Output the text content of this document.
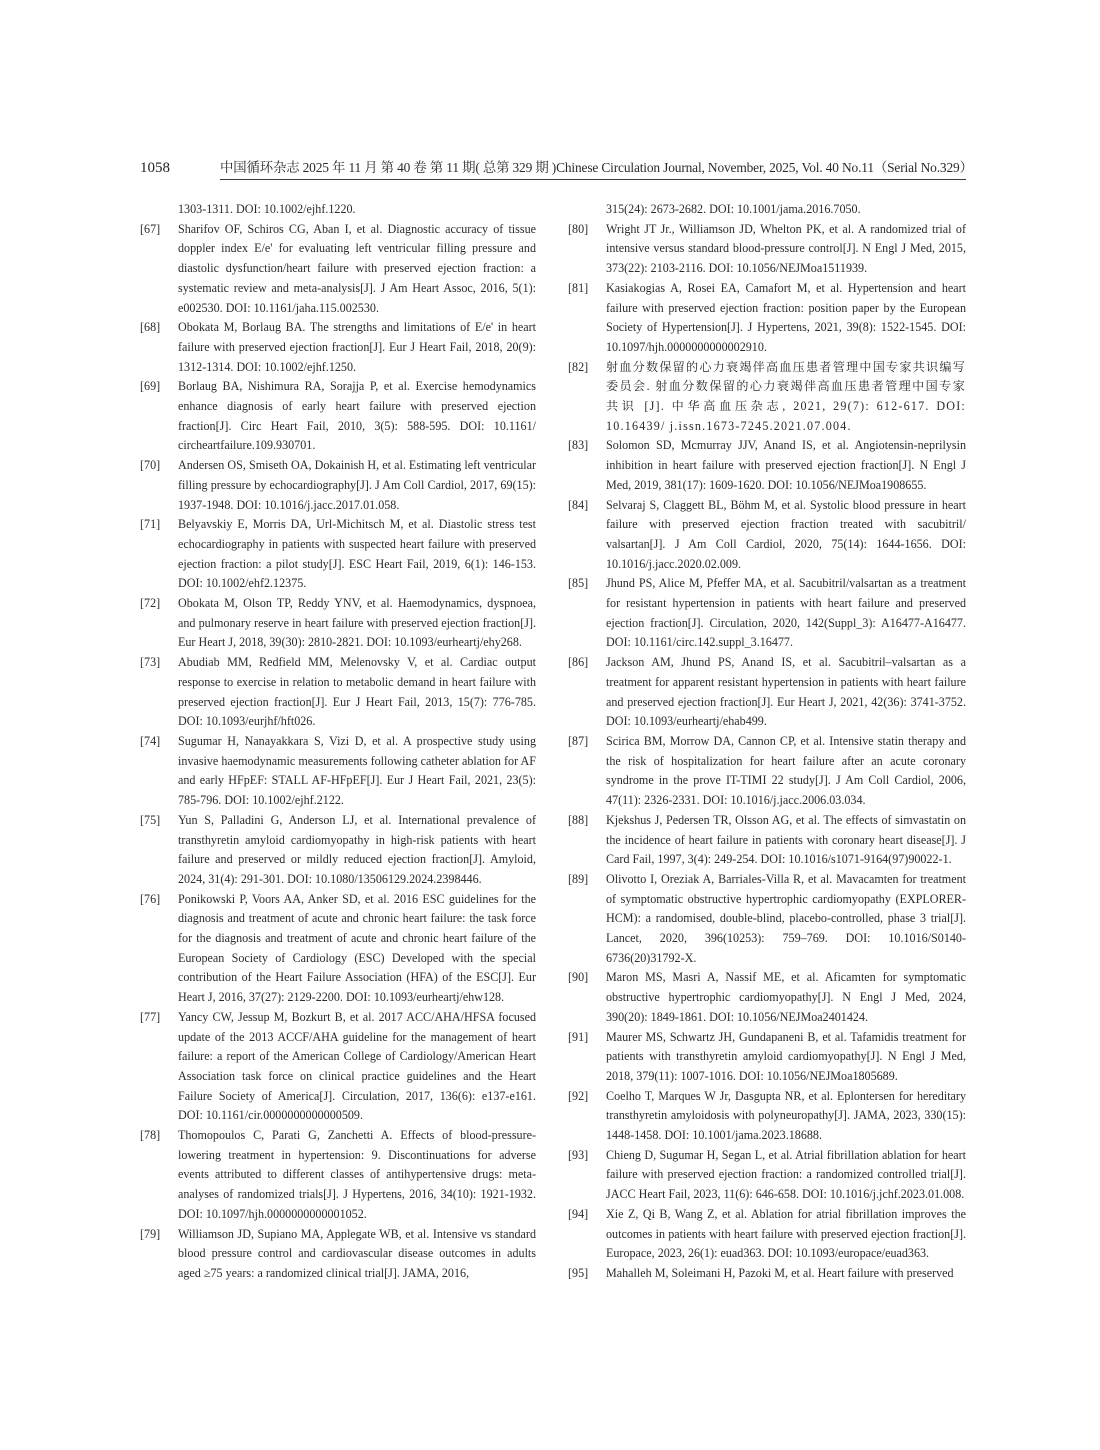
1058	中国循环杂志 2025 年 11 月 第 40 卷 第 11 期( 总第 329 期 )Chinese Circulation Journal, November, 2025, Vol. 40 No.11（Serial No.329）
1303-1311. DOI: 10.1002/ejhf.1220.
[67] Sharifov OF, Schiros CG, Aban I, et al. Diagnostic accuracy of tissue doppler index E/e' for evaluating left ventricular filling pressure and diastolic dysfunction/heart failure with preserved ejection fraction: a systematic review and meta-analysis[J]. J Am Heart Assoc, 2016, 5(1): e002530. DOI: 10.1161/jaha.115.002530.
[68] Obokata M, Borlaug BA. The strengths and limitations of E/e' in heart failure with preserved ejection fraction[J]. Eur J Heart Fail, 2018, 20(9): 1312-1314. DOI: 10.1002/ejhf.1250.
[69] Borlaug BA, Nishimura RA, Sorajja P, et al. Exercise hemodynamics enhance diagnosis of early heart failure with preserved ejection fraction[J]. Circ Heart Fail, 2010, 3(5): 588-595. DOI: 10.1161/ circheartfailure.109.930701.
[70] Andersen OS, Smiseth OA, Dokainish H, et al. Estimating left ventricular filling pressure by echocardiography[J]. J Am Coll Cardiol, 2017, 69(15): 1937-1948. DOI: 10.1016/j.jacc.2017.01.058.
[71] Belyavskiy E, Morris DA, Url-Michitsch M, et al. Diastolic stress test echocardiography in patients with suspected heart failure with preserved ejection fraction: a pilot study[J]. ESC Heart Fail, 2019, 6(1): 146-153. DOI: 10.1002/ehf2.12375.
[72] Obokata M, Olson TP, Reddy YNV, et al. Haemodynamics, dyspnoea, and pulmonary reserve in heart failure with preserved ejection fraction[J]. Eur Heart J, 2018, 39(30): 2810-2821. DOI: 10.1093/eurheartj/ehy268.
[73] Abudiab MM, Redfield MM, Melenovsky V, et al. Cardiac output response to exercise in relation to metabolic demand in heart failure with preserved ejection fraction[J]. Eur J Heart Fail, 2013, 15(7): 776-785. DOI: 10.1093/eurjhf/hft026.
[74] Sugumar H, Nanayakkara S, Vizi D, et al. A prospective study using invasive haemodynamic measurements following catheter ablation for AF and early HFpEF: STALL AF-HFpEF[J]. Eur J Heart Fail, 2021, 23(5): 785-796. DOI: 10.1002/ejhf.2122.
[75] Yun S, Palladini G, Anderson LJ, et al. International prevalence of transthyretin amyloid cardiomyopathy in high-risk patients with heart failure and preserved or mildly reduced ejection fraction[J]. Amyloid, 2024, 31(4): 291-301. DOI: 10.1080/13506129.2024.2398446.
[76] Ponikowski P, Voors AA, Anker SD, et al. 2016 ESC guidelines for the diagnosis and treatment of acute and chronic heart failure: the task force for the diagnosis and treatment of acute and chronic heart failure of the European Society of Cardiology (ESC) Developed with the special contribution of the Heart Failure Association (HFA) of the ESC[J]. Eur Heart J, 2016, 37(27): 2129-2200. DOI: 10.1093/eurheartj/ehw128.
[77] Yancy CW, Jessup M, Bozkurt B, et al. 2017 ACC/AHA/HFSA focused update of the 2013 ACCF/AHA guideline for the management of heart failure: a report of the American College of Cardiology/American Heart Association task force on clinical practice guidelines and the Heart Failure Society of America[J]. Circulation, 2017, 136(6): e137-e161. DOI: 10.1161/cir.0000000000000509.
[78] Thomopoulos C, Parati G, Zanchetti A. Effects of blood-pressure-lowering treatment in hypertension: 9. Discontinuations for adverse events attributed to different classes of antihypertensive drugs: meta-analyses of randomized trials[J]. J Hypertens, 2016, 34(10): 1921-1932. DOI: 10.1097/hjh.0000000000001052.
[79] Williamson JD, Supiano MA, Applegate WB, et al. Intensive vs standard blood pressure control and cardiovascular disease outcomes in adults aged ≥75 years: a randomized clinical trial[J]. JAMA, 2016,
315(24): 2673-2682. DOI: 10.1001/jama.2016.7050.
[80] Wright JT Jr., Williamson JD, Whelton PK, et al. A randomized trial of intensive versus standard blood-pressure control[J]. N Engl J Med, 2015, 373(22): 2103-2116. DOI: 10.1056/NEJMoa1511939.
[81] Kasiakogias A, Rosei EA, Camafort M, et al. Hypertension and heart failure with preserved ejection fraction: position paper by the European Society of Hypertension[J]. J Hypertens, 2021, 39(8): 1522-1545. DOI: 10.1097/hjh.0000000000002910.
[82] 射血分数保留的心力衰竭伴高血压患者管理中国专家共识编写委员会. 射血分数保留的心力衰竭伴高血压患者管理中国专家共识 [J]. 中华高血压杂志, 2021, 29(7): 612-617. DOI: 10.16439/ j.issn.1673-7245.2021.07.004.
[83] Solomon SD, Mcmurray JJV, Anand IS, et al. Angiotensin-neprilysin inhibition in heart failure with preserved ejection fraction[J]. N Engl J Med, 2019, 381(17): 1609-1620. DOI: 10.1056/NEJMoa1908655.
[84] Selvaraj S, Claggett BL, Böhm M, et al. Systolic blood pressure in heart failure with preserved ejection fraction treated with sacubitril/ valsartan[J]. J Am Coll Cardiol, 2020, 75(14): 1644-1656. DOI: 10.1016/j.jacc.2020.02.009.
[85] Jhund PS, Alice M, Pfeffer MA, et al. Sacubitril/valsartan as a treatment for resistant hypertension in patients with heart failure and preserved ejection fraction[J]. Circulation, 2020, 142(Suppl_3): A16477-A16477. DOI: 10.1161/circ.142.suppl_3.16477.
[86] Jackson AM, Jhund PS, Anand IS, et al. Sacubitril–valsartan as a treatment for apparent resistant hypertension in patients with heart failure and preserved ejection fraction[J]. Eur Heart J, 2021, 42(36): 3741-3752. DOI: 10.1093/eurheartj/ehab499.
[87] Scirica BM, Morrow DA, Cannon CP, et al. Intensive statin therapy and the risk of hospitalization for heart failure after an acute coronary syndrome in the prove IT-TIMI 22 study[J]. J Am Coll Cardiol, 2006, 47(11): 2326-2331. DOI: 10.1016/j.jacc.2006.03.034.
[88] Kjekshus J, Pedersen TR, Olsson AG, et al. The effects of simvastatin on the incidence of heart failure in patients with coronary heart disease[J]. J Card Fail, 1997, 3(4): 249-254. DOI: 10.1016/s1071-9164(97)90022-1.
[89] Olivotto I, Oreziak A, Barriales-Villa R, et al. Mavacamten for treatment of symptomatic obstructive hypertrophic cardiomyopathy (EXPLORER-HCM): a randomised, double-blind, placebo-controlled, phase 3 trial[J]. Lancet, 2020, 396(10253): 759–769. DOI: 10.1016/S0140-6736(20)31792-X.
[90] Maron MS, Masri A, Nassif ME, et al. Aficamten for symptomatic obstructive hypertrophic cardiomyopathy[J]. N Engl J Med, 2024, 390(20): 1849-1861. DOI: 10.1056/NEJMoa2401424.
[91] Maurer MS, Schwartz JH, Gundapaneni B, et al. Tafamidis treatment for patients with transthyretin amyloid cardiomyopathy[J]. N Engl J Med, 2018, 379(11): 1007-1016. DOI: 10.1056/NEJMoa1805689.
[92] Coelho T, Marques W Jr, Dasgupta NR, et al. Eplontersen for hereditary transthyretin amyloidosis with polyneuropathy[J]. JAMA, 2023, 330(15): 1448-1458. DOI: 10.1001/jama.2023.18688.
[93] Chieng D, Sugumar H, Segan L, et al. Atrial fibrillation ablation for heart failure with preserved ejection fraction: a randomized controlled trial[J]. JACC Heart Fail, 2023, 11(6): 646-658. DOI: 10.1016/j.jchf.2023.01.008.
[94] Xie Z, Qi B, Wang Z, et al. Ablation for atrial fibrillation improves the outcomes in patients with heart failure with preserved ejection fraction[J]. Europace, 2023, 26(1): euad363. DOI: 10.1093/europace/euad363.
[95] Mahalleh M, Soleimani H, Pazoki M, et al. Heart failure with preserved
